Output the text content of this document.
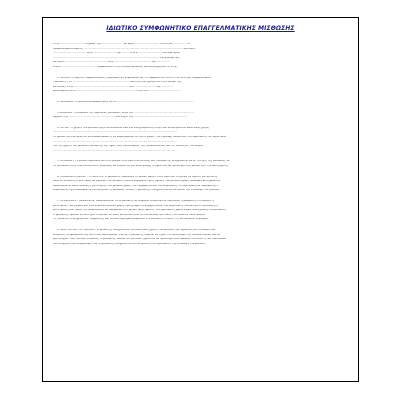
ΙΔΙΩΤΙΚΟ ΣΥΜΦΩΝΗΤΙΚΟ ΕΠΑΓΓΕΛΜΑΤΙΚΗΣ ΜΙΣΘΩΣΗΣ
Στην .............................. σήμερα την ........................ του μήνα ............................. του έτους ................ οι
συμβαλλόμενοι αφενός ........................................................................................................................ κάτοικος
........................................ οδός ........................... αρ. ......... Α.Φ.Μ ............................ και αφετέρου
................................................................................................................................. επαγγελματίας
κάτοικος .................................................. οδός ............................................ αρ. ...............
Α.Φ.Μ .......................................... συμφώνησαν στην κάτωθι μίσθωση και αποδέχθηκαν τα εξής:
1. ΜΙΣΘΙΟ: Ο πρώτος συμβαλλόμενος (εκμισθωτής) εκμισθώνει με το συμφωνητικό αυτό στον δεύτερο συμβαλλόμενο
( μισθωτή ) το ..................................................................... ακίνητο που βρίσκεται στον όροφο της
κατοικίας στην .................................................................. οδό .......................... αρ. ..............
κρατούμενο κενό ........................................................................ στην οδό ......................................
2. ΜΙΣΘΩΜΑ: Το μηνιαίο μίσθωμα ορίζεται σε .............................................................................................
3. ΔΙΑΡΚΕΙΑ: Η διάρκεια της παρούσας μίσθωσης ορίζεται ..........................................................................
Αρχίζει την ........................................................ και λήγει την ................................................................
4. ΧΡΗΣΗ: Η χρήση του μισθίου ορίζεται αποκλειστικά για επαγγελματική στέγη και απαγορεύεται κάθε άλλη χρήση
......................................................................................................................................................
Το μίσθιο δεν επιτρέπεται να υπεκμισθωθεί ή να παραχωρηθεί σε τρίτο χωρίς την έγγραφη συναίνεση του εκμισθωτή. Σε περίπτωση
......................................................................................................................................................
Για την χρήση του μισθίου ο μισθωτής θα τηρεί τους κανονισμούς της πολυκατοικίας και τις διατάξεις του νόμου.
......................................................................................................................................................
5. ΑΠΟΔΟΣΗ: Το μίσθιο παραδίδεται στον μισθωτή σε καλή κατάσταση και ο μισθωτής υποχρεούται κατά τη λήξη της μίσθωσης να
το αποδώσει στην ίδια κατάσταση, ειδάλλως θα ευθύνεται για κάθε βλάβη ή ζημία που θα προκληθεί στο μίσθιο από την κακή χρήση.
6. ΠΑΡΑΛΑΒΗ ΜΙΣΘΙΟΥ - ΕΠΙΣΚΕΥΕΣ: Ο μισθωτής παρέλαβε το μίσθιο αφού το εξέτασε και το βρήκε σε άριστη κατάσταση,
κάθε δε επισκευή ή βελτίωση θα βαρύνει τον μισθωτή και θα παραμένει προς όφελος του μισθίου χωρίς δικαίωμα αποζημίωσης.
Απαγορεύεται κάθε αλλαγή ή μετατροπή του μισθίου χωρίς την έγγραφη άδεια του εκμισθωτή, σε περίπτωση δε παράβασης ο
εκμισθωτής έχει δικαίωμα να καταγγείλει τη μίσθωση. Επίσης ο μισθωτής υποχρεούται να επιτρέπει την επίσκεψη του μισθίου.
7. ΠΡΟΣΘΗΚΕΣ - ΑΦΑΙΡΕΣΕΙΣ: Απαγορεύεται στον μισθωτή να επιφέρει οποιαδήποτε προσθήκη ή αφαίρεση στο μίσθιο, η
μετατροπή των χώρων και των εγκαταστάσεων χωρίς προηγούμενη έγγραφη άδεια του εκμισθωτή. Οποιαδήποτε προσθήκη ή
μετατροπή γίνει παρά την απαγόρευση θα παραμένει στο μίσθιο προς όφελος του εκμισθωτή χωρίς καμία αποζημίωση του μισθωτή.
Ο μισθωτής οφείλει να διατηρεί το μίσθιο σε καλή κατάσταση και να επισκευάζει με δικές του δαπάνες κάθε φθορά.
Τις δαπάνες κοινοχρήστων, θέρμανσης και λοιπών παροχών βαρύνουν τον μισθωτή ο οποίος τις καταβάλλει εγκαίρως.
8. ΚΑΛΗ ΧΡΗΣΗ ΤΟΥ ΜΙΣΘΙΟΥ: Ο μισθωτής υποχρεούται να κάνει καλή χρήση του μισθίου, διατηρώντας αυτό καθαρό και
ευπρεπές, διαφυλάσσοντας αυτό από κάθε φθορά. Επίσης ο μισθωτής οφείλει να τηρεί τον κανονισμό της πολυκατοικίας και να
μην ενοχλεί τους λοιπούς ενοίκους. Ο μισθωτής ευθύνεται για κάθε ζημία που θα προκληθεί από αμέλεια του ίδιου ή των προσώπων
που ενεργούν για λογαριασμό του. Ο μισθωτής υποχρεούται να επιτρέπει στον εκμισθωτή την επίσκεψη του μισθίου.
